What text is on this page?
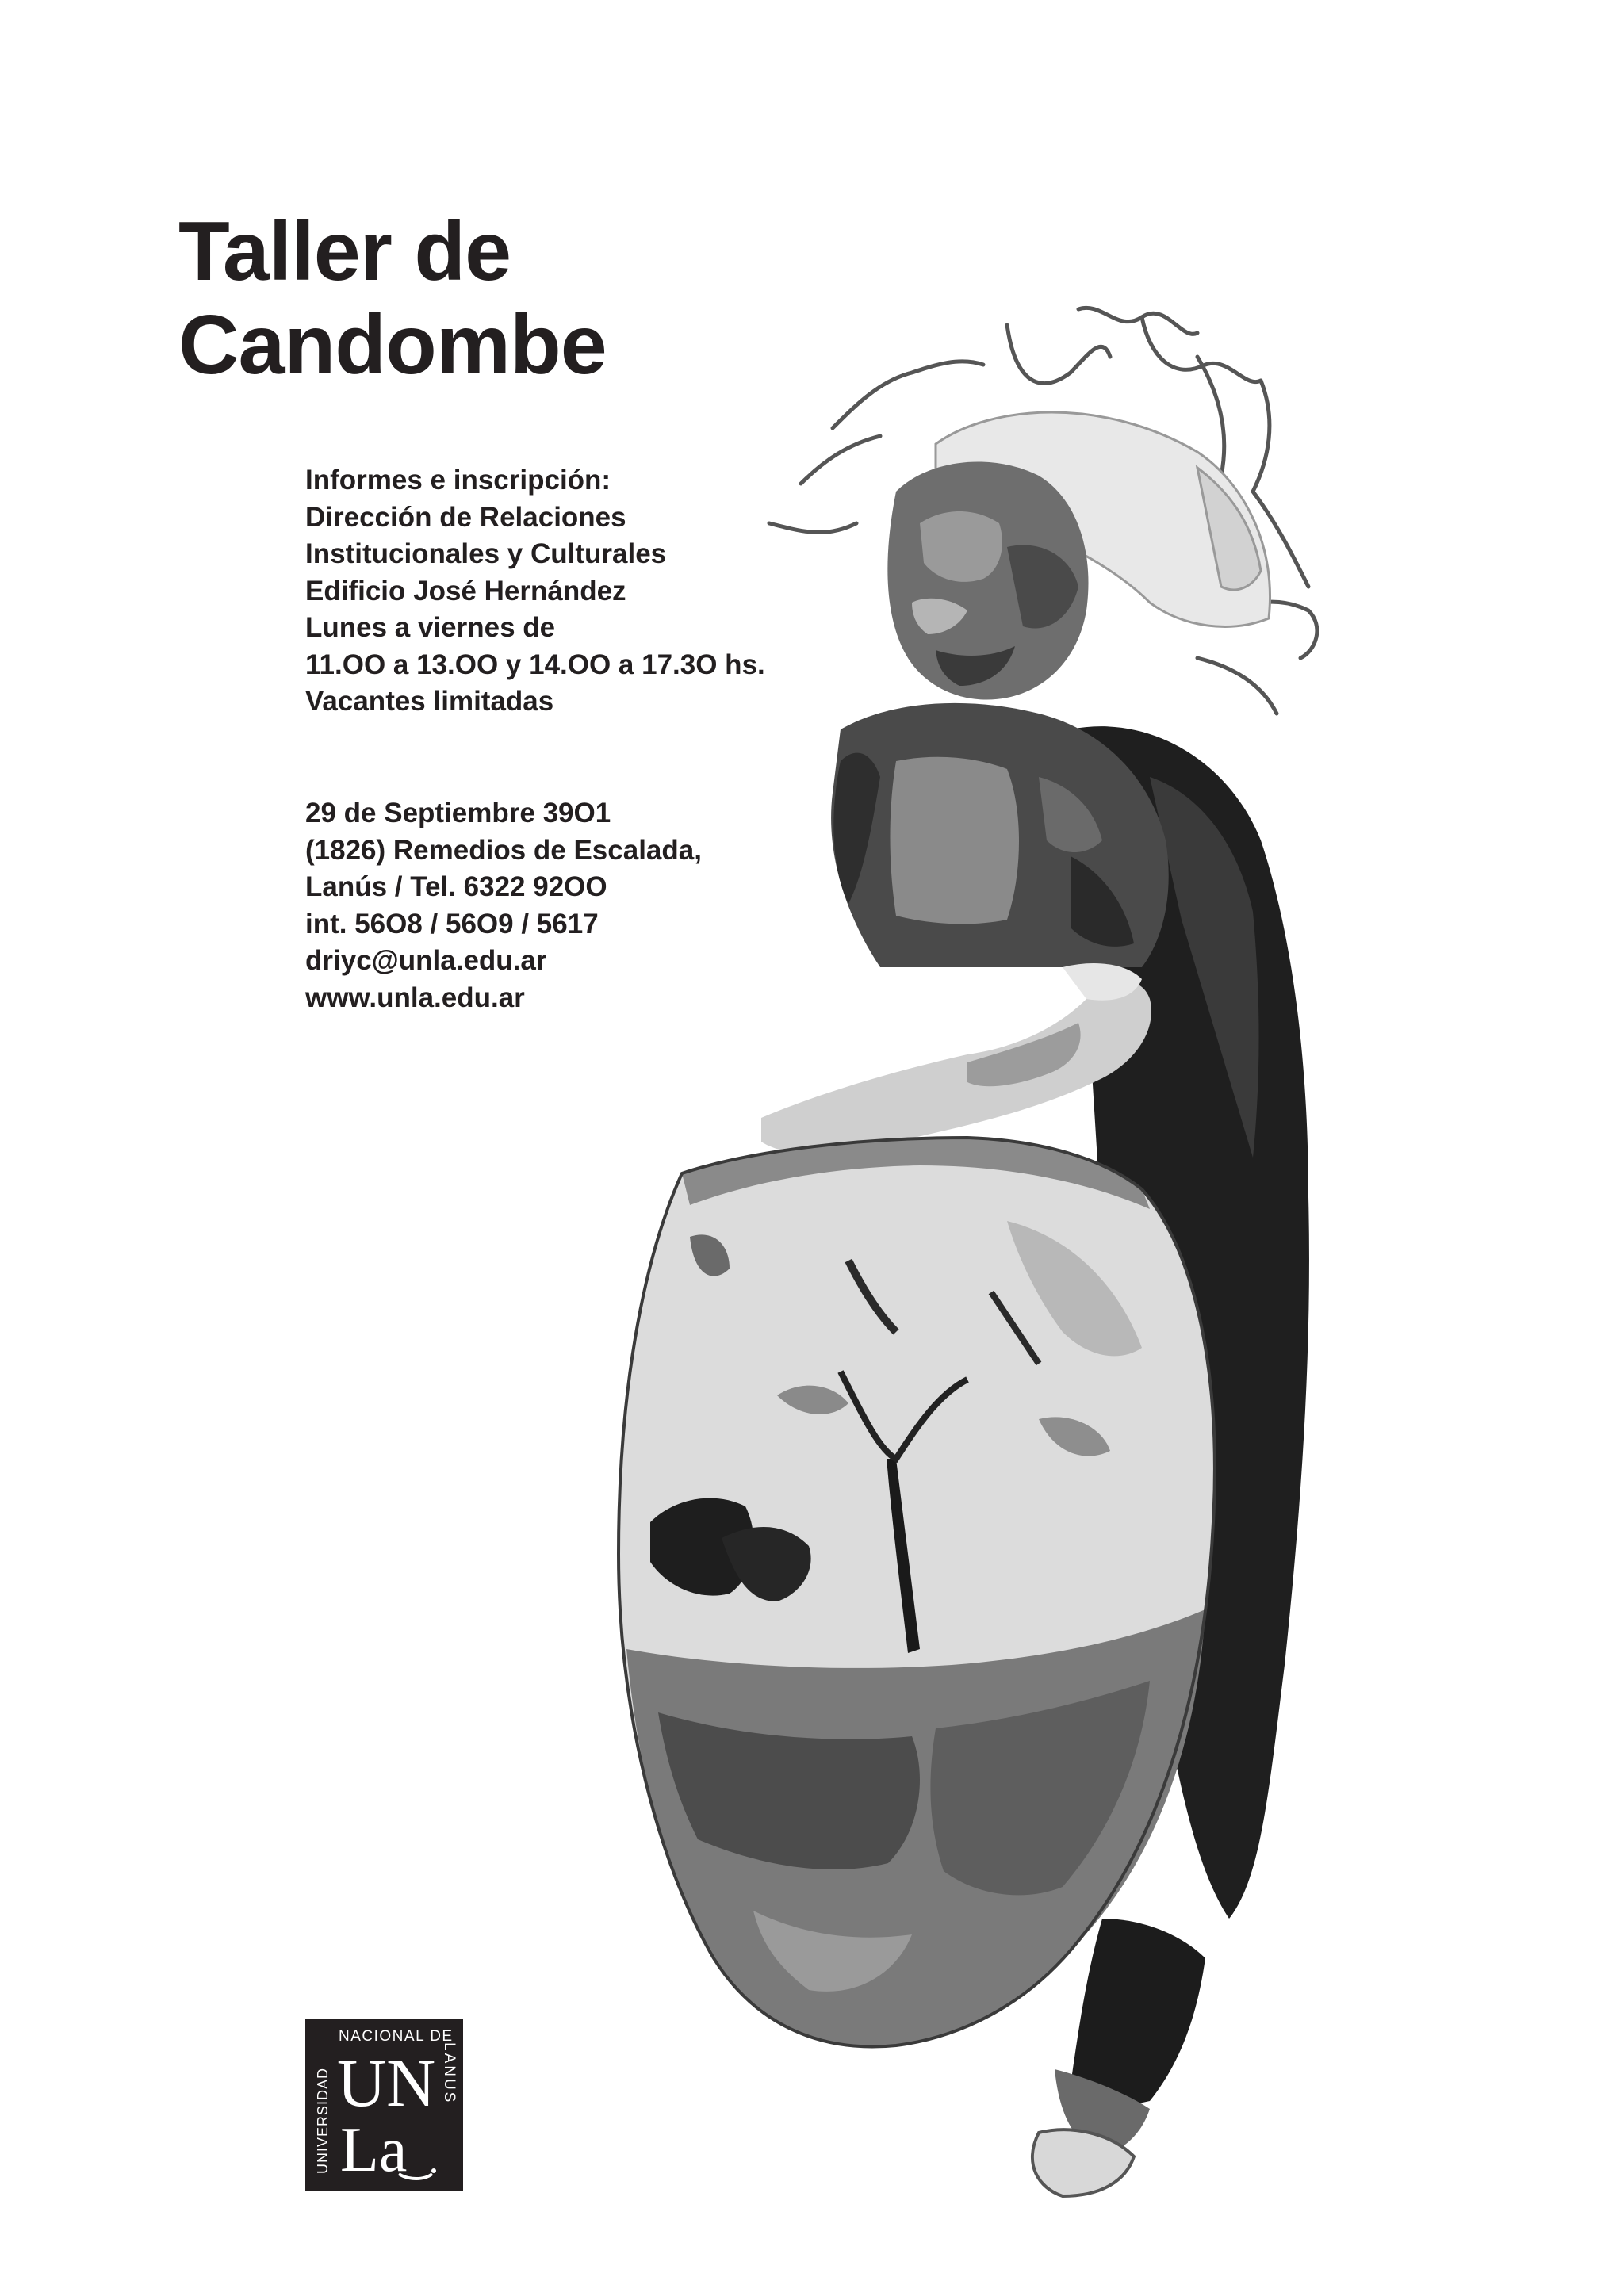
Taller de
Candombe
Informes e inscripción:
Dirección de Relaciones
Institucionales y Culturales
Edificio José Hernández
Lunes a viernes de
11.OO a 13.OO y 14.OO a 17.3O hs.
Vacantes limitadas
29 de Septiembre 39O1
(1826) Remedios de Escalada,
Lanús / Tel. 6322 92OO
int. 56O8 / 56O9 / 5617
driyc@unla.edu.ar
www.unla.edu.ar
UNIVERSIDAD
NACIONAL DE
LANUS
UN
La
